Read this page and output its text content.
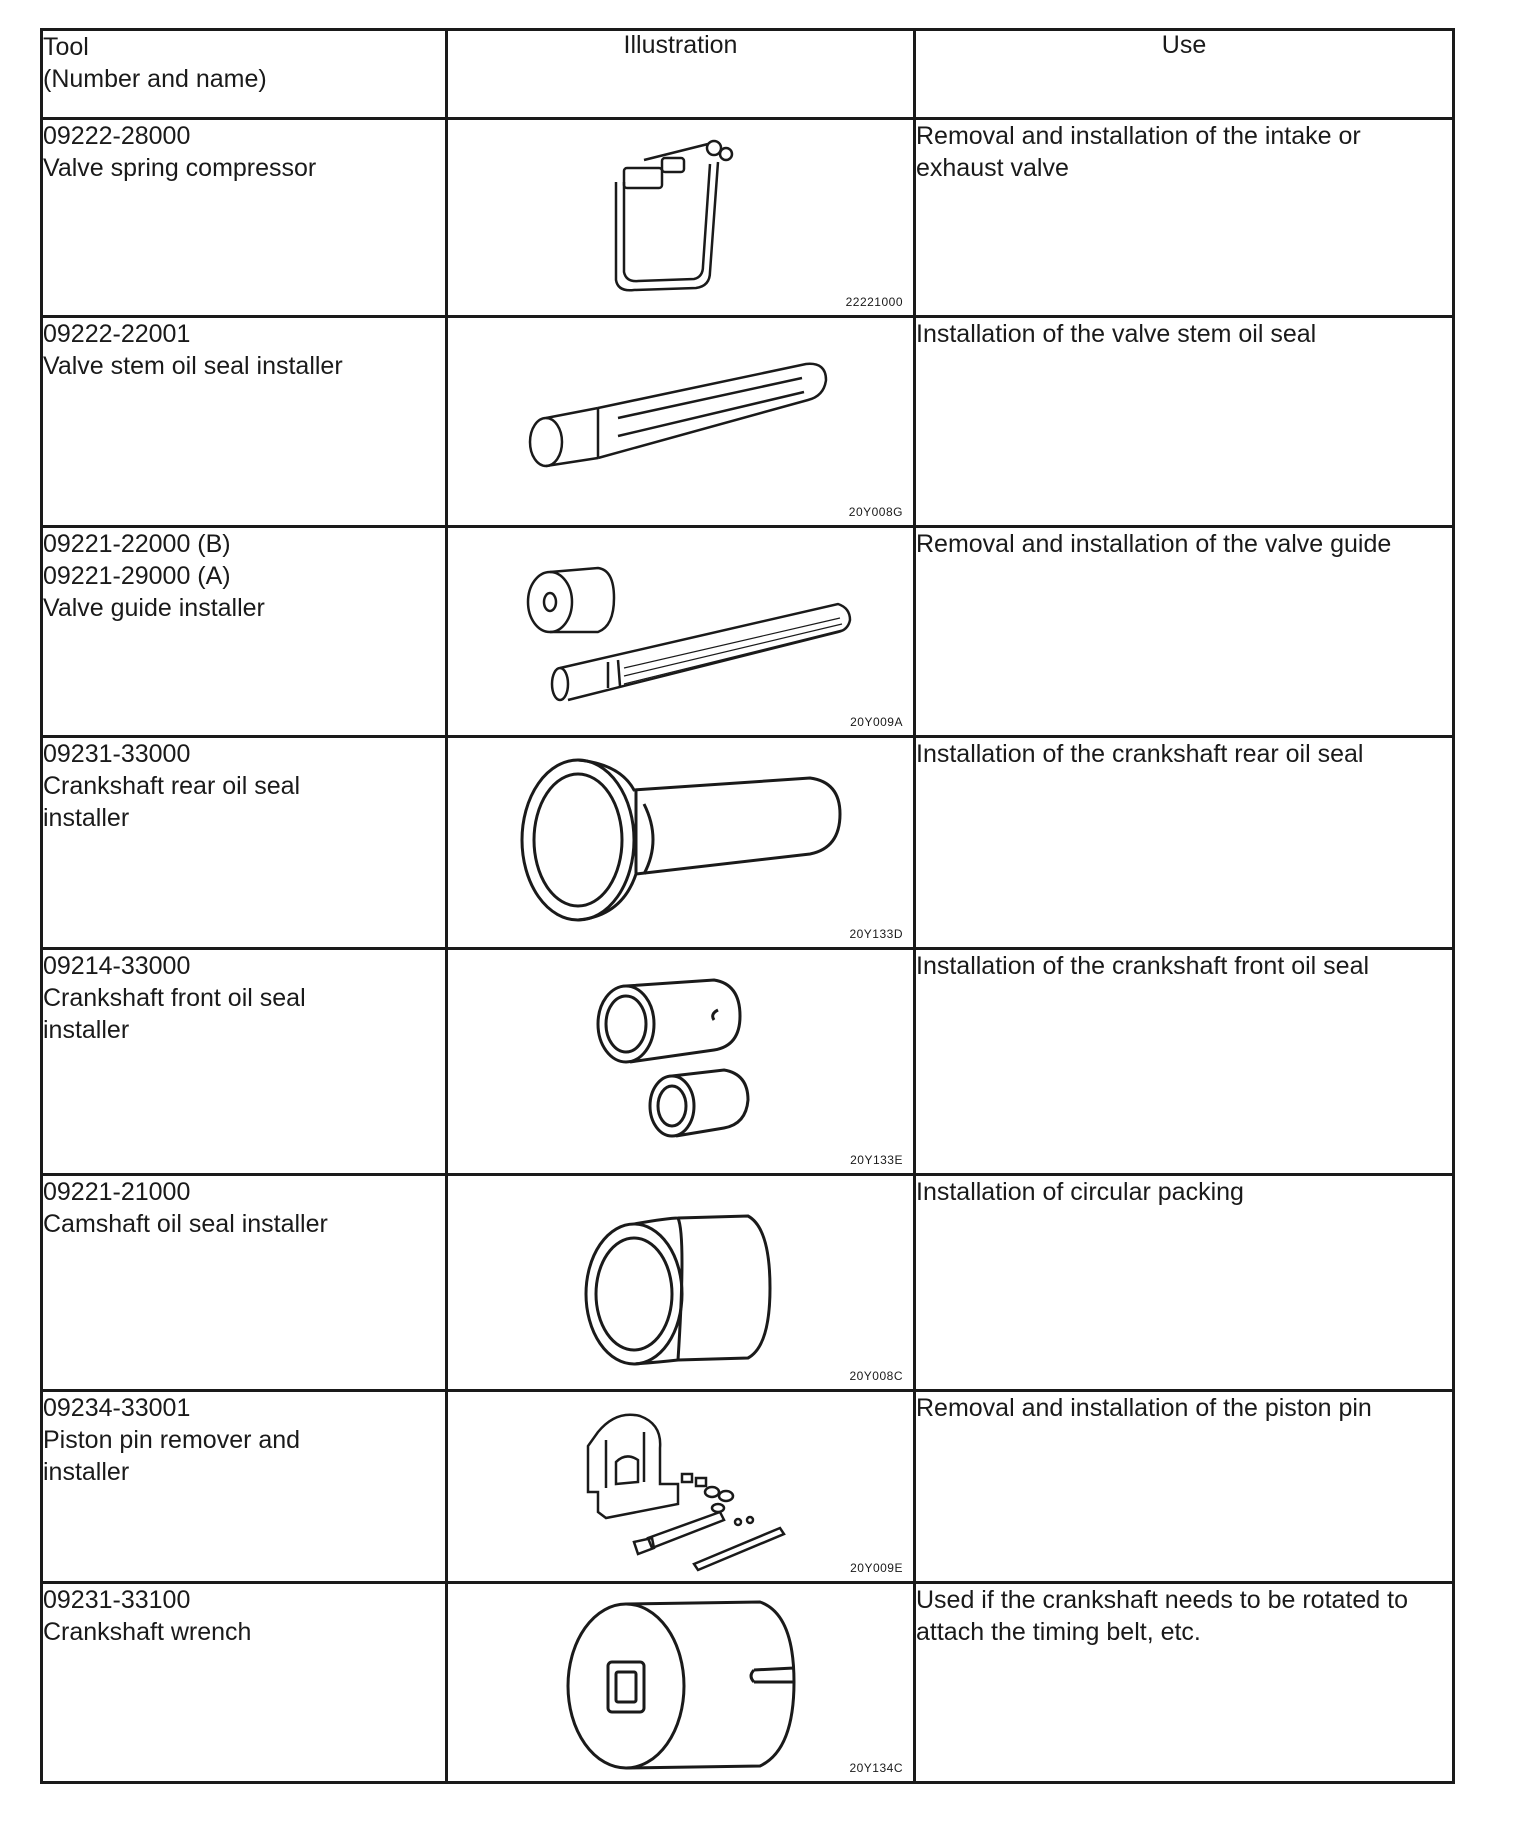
Tool
(Number and name)	Illustration	Use

09222-28000
Valve spring compressor	22221000	Removal and installation of the intake or exhaust valve

09222-22001
Valve stem oil seal installer	20Y008G	Installation of the valve stem oil seal

09221-22000 (B)
09221-29000 (A)
Valve guide installer	20Y009A	Removal and installation of the valve guide

09231-33000
Crankshaft rear oil seal
installer	20Y133D	Installation of the crankshaft rear oil seal

09214-33000
Crankshaft front oil seal
installer	20Y133E	Installation of the crankshaft front oil seal

09221-21000
Camshaft oil seal installer	20Y008C	Installation of circular packing

09234-33001
Piston pin remover and
installer	20Y009E	Removal and installation of the piston pin

09231-33100
Crankshaft wrench	20Y134C	Used if the crankshaft needs to be rotated to attach the timing belt, etc.
